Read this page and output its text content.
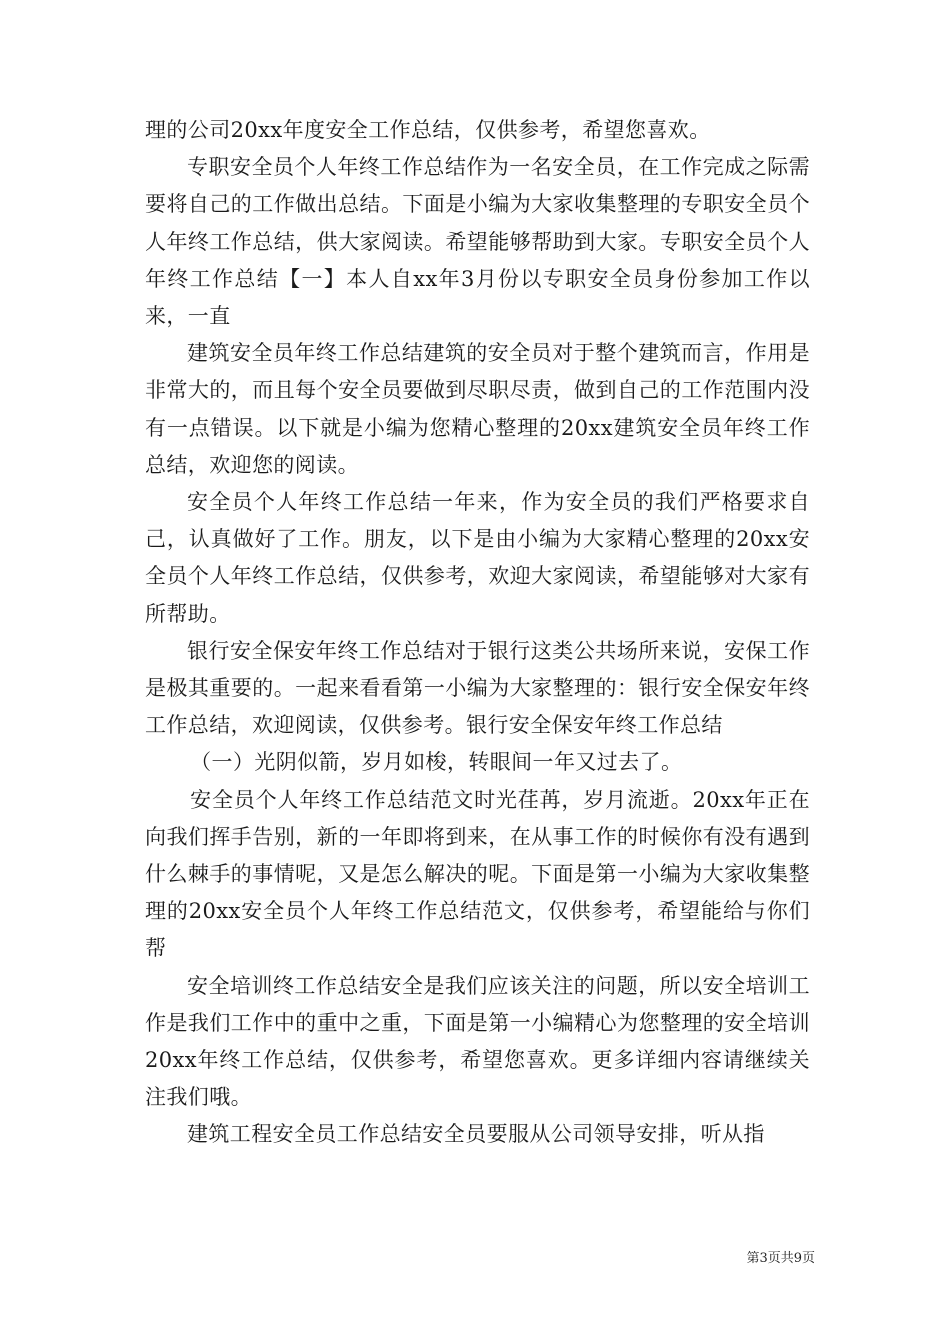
理的公司20xx年度安全工作总结，仅供参考，希望您喜欢。

专职安全员个人年终工作总结作为一名安全员，在工作完成之际需要将自己的工作做出总结。下面是小编为大家收集整理的专职安全员个人年终工作总结，供大家阅读。希望能够帮助到大家。专职安全员个人年终工作总结【一】本人自xx年3月份以专职安全员身份参加工作以来，一直

建筑安全员年终工作总结建筑的安全员对于整个建筑而言，作用是非常大的，而且每个安全员要做到尽职尽责，做到自己的工作范围内没有一点错误。以下就是小编为您精心整理的20xx建筑安全员年终工作总结，欢迎您的阅读。

安全员个人年终工作总结一年来，作为安全员的我们严格要求自己，认真做好了工作。朋友，以下是由小编为大家精心整理的20xx安全员个人年终工作总结，仅供参考，欢迎大家阅读，希望能够对大家有所帮助。

银行安全保安年终工作总结对于银行这类公共场所来说，安保工作是极其重要的。一起来看看第一小编为大家整理的：银行安全保安年终工作总结，欢迎阅读，仅供参考。银行安全保安年终工作总结

（一）光阴似箭，岁月如梭，转眼间一年又过去了。

安全员个人年终工作总结范文时光荏苒，岁月流逝。20xx年正在向我们挥手告别，新的一年即将到来，在从事工作的时候你有没有遇到什么棘手的事情呢，又是怎么解决的呢。下面是第一小编为大家收集整理的20xx安全员个人年终工作总结范文，仅供参考，希望能给与你们帮

安全培训终工作总结安全是我们应该关注的问题，所以安全培训工作是我们工作中的重中之重，下面是第一小编精心为您整理的安全培训20xx年终工作总结，仅供参考，希望您喜欢。更多详细内容请继续关注我们哦。

建筑工程安全员工作总结安全员要服从公司领导安排，听从指

第3页共9页
